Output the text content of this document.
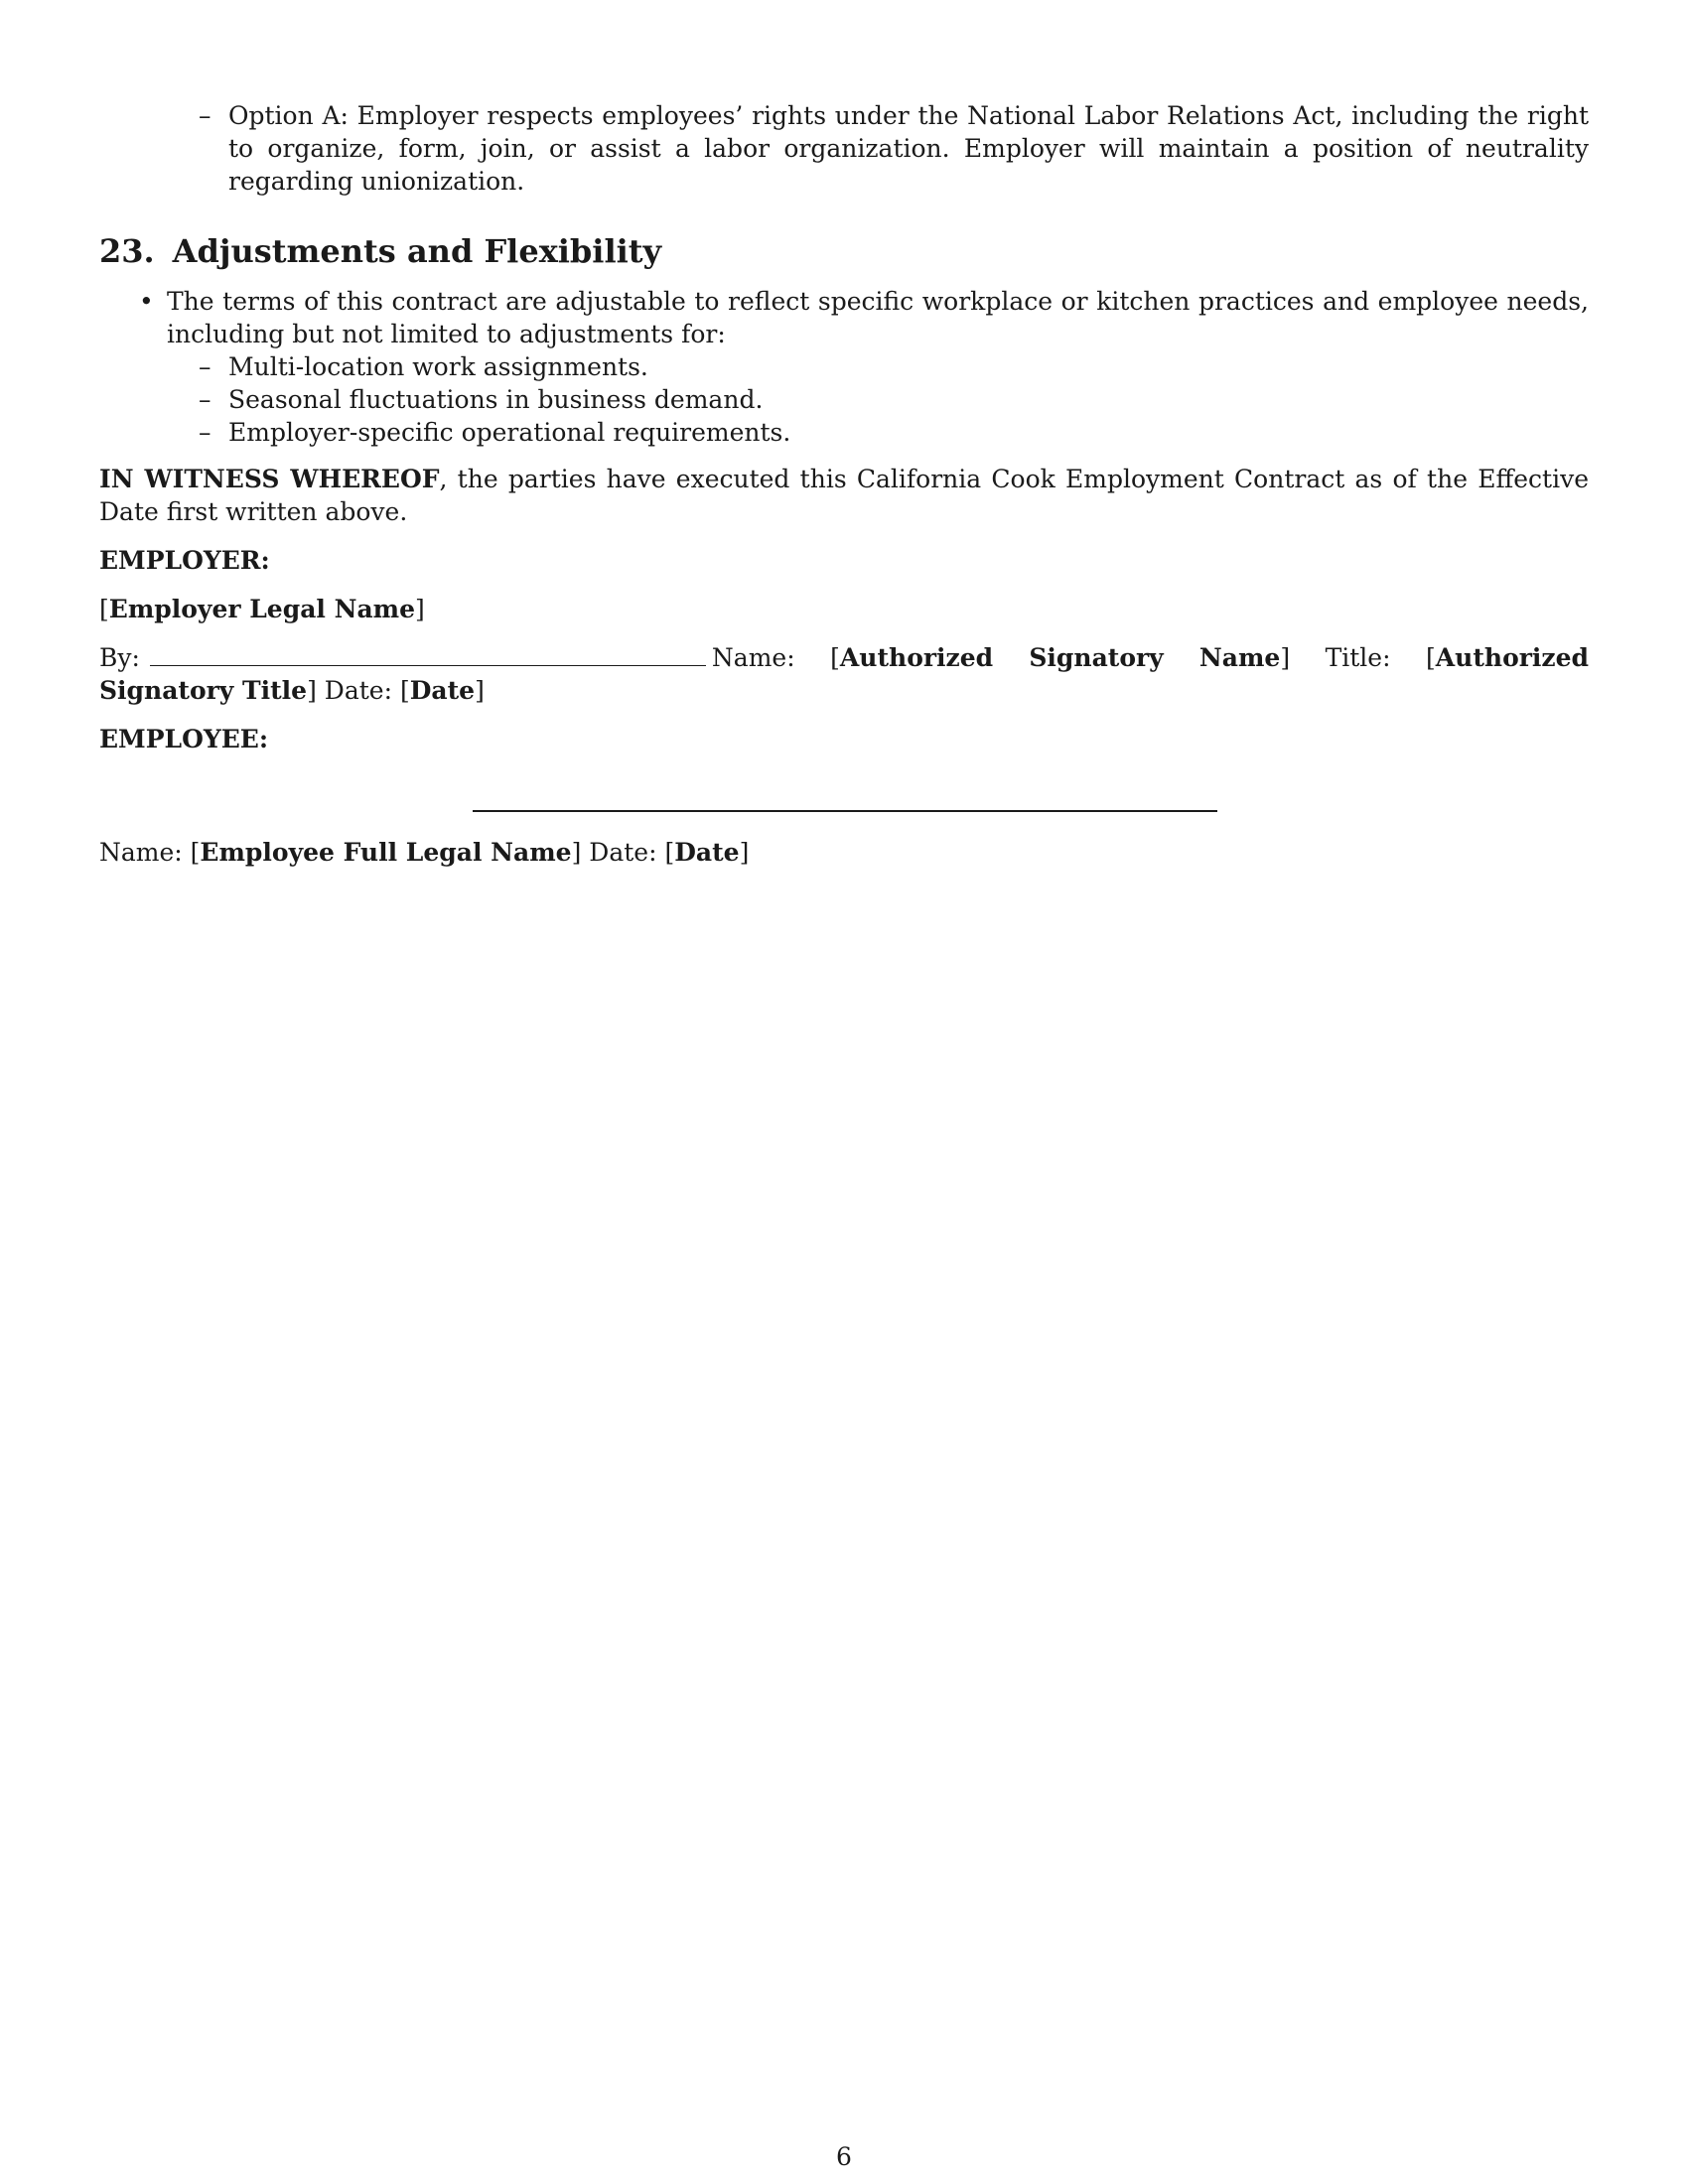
– Option A: Employer respects employees’ rights under the National Labor Relations Act, including the right to organize, form, join, or assist a labor organization. Employer will maintain a position of neutrality regarding unionization.
23. Adjustments and Flexibility
• The terms of this contract are adjustable to reflect specific workplace or kitchen practices and employee needs, including but not limited to adjustments for:
– Multi-location work assignments.
– Seasonal fluctuations in business demand.
– Employer-specific operational requirements.

IN WITNESS WHEREOF, the parties have executed this California Cook Employment Contract as of the Effective Date first written above.

EMPLOYER:

[Employer Legal Name]

By:	Name: [Authorized Signatory Name] Title: [Authorized Signatory Title] Date: [Date]

EMPLOYEE:

Name: [Employee Full Legal Name] Date: [Date]
6
